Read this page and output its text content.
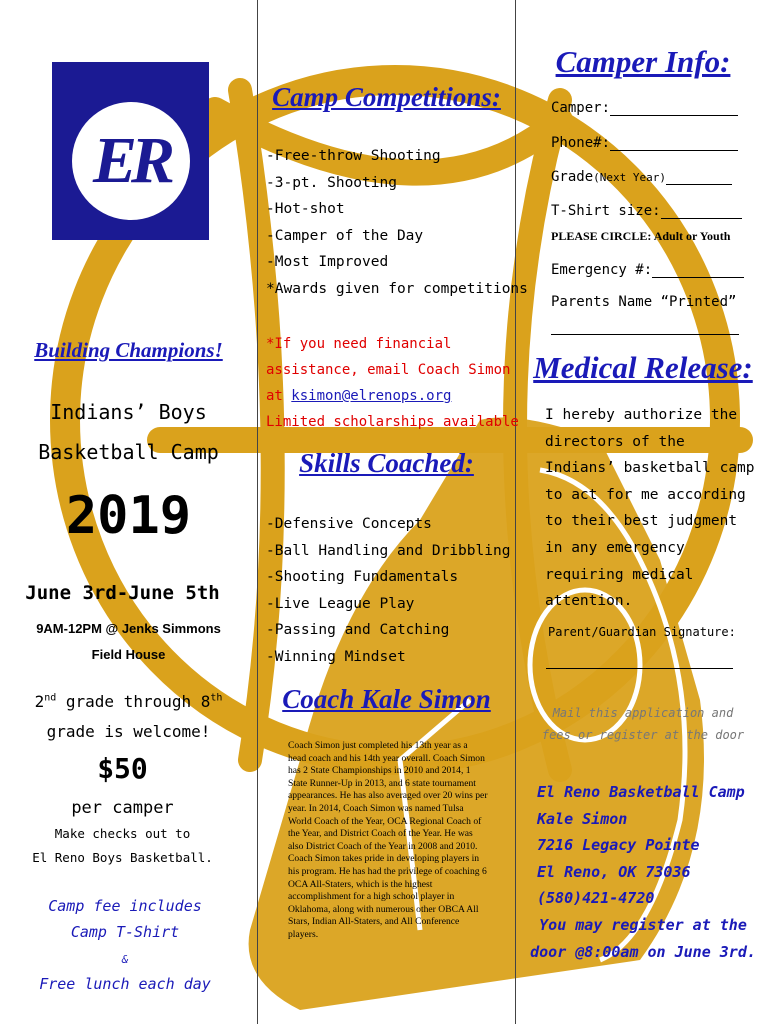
ER
Building Champions!
Indians’ Boys
Basketball Camp
2019
June 3rd-June 5th
9AM-12PM @ Jenks Simmons
Field House
2nd grade through 8th
grade is welcome!
$50
per camper
Make checks out to
El Reno Boys Basketball.
Camp fee includes
Camp T-Shirt
&
Free lunch each day
Camp Competitions:
-Free-throw Shooting
-3-pt. Shooting
-Hot-shot
-Camper of the Day
-Most Improved
*Awards given for competitions
*If you need financial
assistance, email Coach Simon
at ksimon@elrenops.org
Limited scholarships available
Skills Coached:
-Defensive Concepts
-Ball Handling and Dribbling
-Shooting Fundamentals
-Live League Play
-Passing and Catching
-Winning Mindset
Coach Kale Simon
Coach Simon just completed his 13th year as a head coach and his 14th year overall. Coach Simon has 2 State Championships in 2010 and 2014, 1 State Runner-Up in 2013, and 6 state tournament appearances. He has also averaged over 20 wins per year. In 2014, Coach Simon was named Tulsa World Coach of the Year, OCA Regional Coach of the Year, and District Coach of the Year. He was also District Coach of the Year in 2008 and 2010. Coach Simon takes pride in developing players in his program. He has had the privilege of coaching 6 OCA All-Staters, which is the highest accomplishment for a high school player in Oklahoma, along with numerous other OBCA All Stars, Indian All-Staters, and All Conference players.
Camper Info:
Camper:
Phone#:
Grade(Next Year)
T-Shirt size:
PLEASE CIRCLE: Adult or Youth
Emergency #:
Parents Name “Printed”
Medical Release:
I hereby authorize the
directors of the
Indians’ basketball camp
to act for me according
to their best judgment
in any emergency
requiring medical
attention.
Parent/Guardian Signature:
Mail this application and
fees or register at the door
El Reno Basketball Camp
Kale Simon
7216 Legacy Pointe
El Reno, OK 73036
(580)421-4720
You may register at the
door @8:00am on June 3rd.
